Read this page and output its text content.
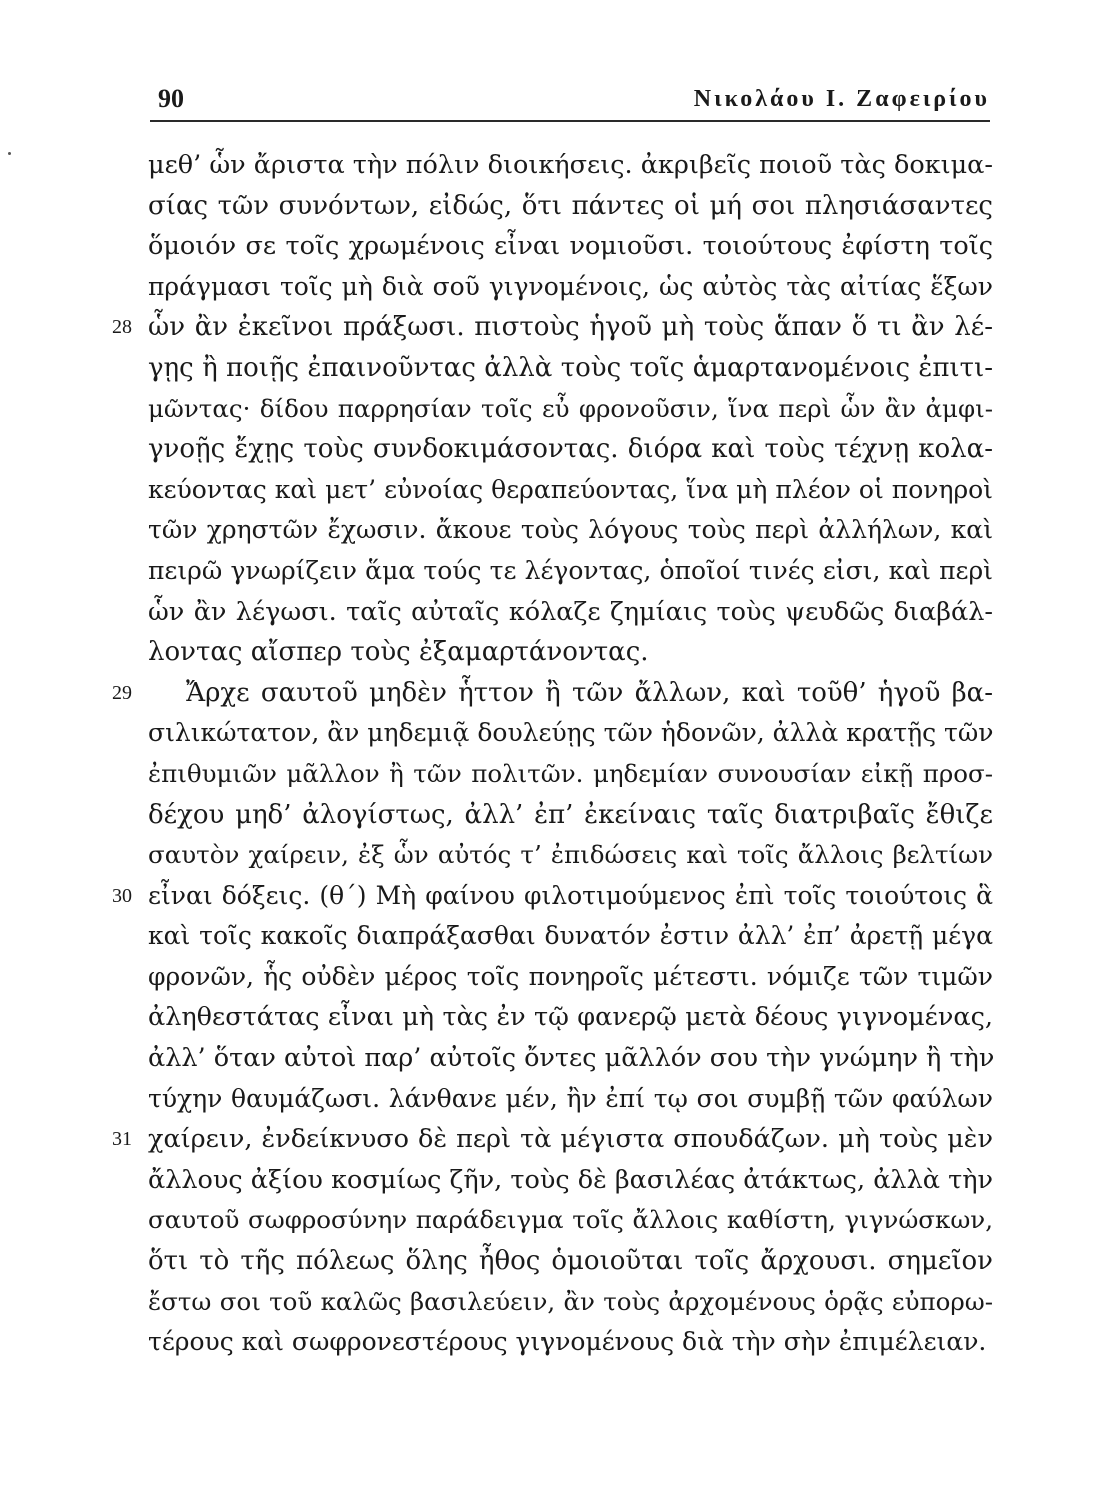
90	Νικολάου Ι. Ζαφειρίου
μεθ’ ὧν ἄριστα τὴν πόλιν διοικήσεις. ἀκριβεῖς ποιοῦ τὰς δοκιμα-
σίας τῶν συνόντων, εἰδώς, ὅτι πάντες οἱ μή σοι πλησιάσαντες
ὅμοιόν σε τοῖς χρωμένοις εἶναι νομιοῦσι. τοιούτους ἐφίστη τοῖς
πράγμασι τοῖς μὴ διὰ σοῦ γιγνομένοις, ὡς αὐτὸς τὰς αἰτίας ἕξων
28 ὧν ἂν ἐκεῖνοι πράξωσι. πιστοὺς ἡγοῦ μὴ τοὺς ἅπαν ὅ τι ἂν λέ-
γῃς ἢ ποιῇς ἐπαινοῦντας ἀλλὰ τοὺς τοῖς ἁμαρτανομένοις ἐπιτι-
μῶντας· δίδου παρρησίαν τοῖς εὖ φρονοῦσιν, ἵνα περὶ ὧν ἂν ἀμφι-
γνοῇς ἔχῃς τοὺς συνδοκιμάσοντας. διόρα καὶ τοὺς τέχνῃ κολα-
κεύοντας καὶ μετ’ εὐνοίας θεραπεύοντας, ἵνα μὴ πλέον οἱ πονηροὶ
τῶν χρηστῶν ἔχωσιν. ἄκουε τοὺς λόγους τοὺς περὶ ἀλλήλων, καὶ
πειρῶ γνωρίζειν ἅμα τούς τε λέγοντας, ὁποῖοί τινές εἰσι, καὶ περὶ
ὧν ἂν λέγωσι. ταῖς αὐταῖς κόλαζε ζημίαις τοὺς ψευδῶς διαβάλ-
λοντας αἴσπερ τοὺς ἐξαμαρτάνοντας.
29 Ἄρχε σαυτοῦ μηδὲν ἧττον ἢ τῶν ἄλλων, καὶ τοῦθ’ ἡγοῦ βα-
σιλικώτατον, ἂν μηδεμιᾷ δουλεύῃς τῶν ἡδονῶν, ἀλλὰ κρατῇς τῶν
ἐπιθυμιῶν μᾶλλον ἢ τῶν πολιτῶν. μηδεμίαν συνουσίαν εἰκῇ προσ-
δέχου μηδ’ ἀλογίστως, ἀλλ’ ἐπ’ ἐκείναις ταῖς διατριβαῖς ἔθιζε
σαυτὸν χαίρειν, ἐξ ὧν αὐτός τ’ ἐπιδώσεις καὶ τοῖς ἄλλοις βελτίων
30 εἶναι δόξεις. (θ΄) Μὴ φαίνου φιλοτιμούμενος ἐπὶ τοῖς τοιούτοις ἃ
καὶ τοῖς κακοῖς διαπράξασθαι δυνατόν ἐστιν ἀλλ’ ἐπ’ ἀρετῇ μέγα
φρονῶν, ἧς οὐδὲν μέρος τοῖς πονηροῖς μέτεστι. νόμιζε τῶν τιμῶν
ἀληθεστάτας εἶναι μὴ τὰς ἐν τῷ φανερῷ μετὰ δέους γιγνομένας,
ἀλλ’ ὅταν αὐτοὶ παρ’ αὐτοῖς ὄντες μᾶλλόν σου τὴν γνώμην ἢ τὴν
τύχην θαυμάζωσι. λάνθανε μέν, ἢν ἐπί τῳ σοι συμβῇ τῶν φαύλων
31 χαίρειν, ἐνδείκνυσο δὲ περὶ τὰ μέγιστα σπουδάζων. μὴ τοὺς μὲν
ἄλλους ἀξίου κοσμίως ζῆν, τοὺς δὲ βασιλέας ἀτάκτως, ἀλλὰ τὴν
σαυτοῦ σωφροσύνην παράδειγμα τοῖς ἄλλοις καθίστη, γιγνώσκων,
ὅτι τὸ τῆς πόλεως ὅλης ἦθος ὁμοιοῦται τοῖς ἄρχουσι. σημεῖον
ἔστω σοι τοῦ καλῶς βασιλεύειν, ἂν τοὺς ἀρχομένους ὁρᾷς εὐπορω-
τέρους καὶ σωφρονεστέρους γιγνομένους διὰ τὴν σὴν ἐπιμέλειαν.
